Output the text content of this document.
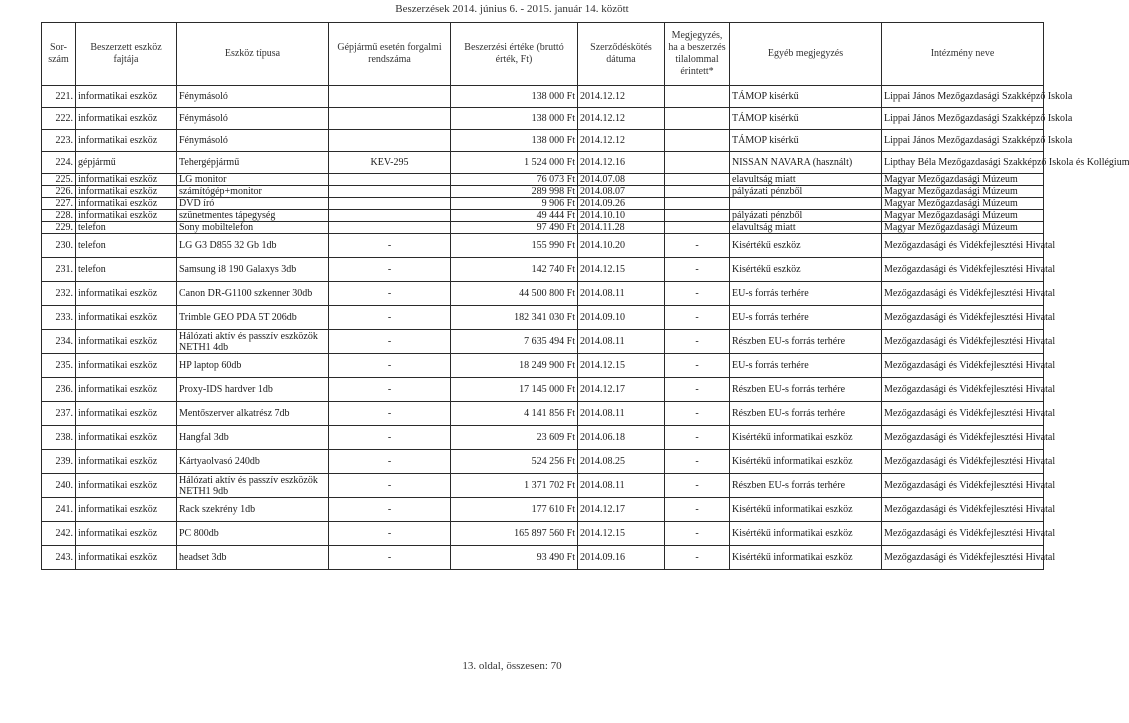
Beszerzések 2014. június 6. - 2015. január 14. között
Sor-szám	Beszerzett eszköz fajtája	Eszköz típusa	Gépjármű esetén forgalmi rendszáma	Beszerzési értéke (bruttó érték, Ft)	Szerződéskötés dátuma	Megjegyzés, ha a beszerzés tilalommal érintett*	Egyéb megjegyzés	Intézmény neve
221.	informatikai eszköz	Fénymásoló		138 000 Ft	2014.12.12		TÁMOP kisérkű	Lippai János Mezőgazdasági Szakképző Iskola
222.	informatikai eszköz	Fénymásoló		138 000 Ft	2014.12.12		TÁMOP kisérkű	Lippai János Mezőgazdasági Szakképző Iskola
223.	informatikai eszköz	Fénymásoló		138 000 Ft	2014.12.12		TÁMOP kisérkű	Lippai János Mezőgazdasági Szakképző Iskola
224.	gépjármű	Tehergépjármű	KEV-295	1 524 000 Ft	2014.12.16		NISSAN NAVARA (használt)	Lipthay Béla Mezőgazdasági Szakképző Iskola és Kollégium
225.	informatikai eszköz	LG monitor		76 073 Ft	2014.07.08		elavultság miatt	Magyar Mezőgazdasági Múzeum
226.	informatikai eszköz	számítógép+monitor		289 998 Ft	2014.08.07		pályázati pénzből	Magyar Mezőgazdasági Múzeum
227.	informatikai eszköz	DVD író		9 906 Ft	2014.09.26			Magyar Mezőgazdasági Múzeum
228.	informatikai eszköz	szünetmentes tápegység		49 444 Ft	2014.10.10		pályázati pénzből	Magyar Mezőgazdasági Múzeum
229.	telefon	Sony mobiltelefon		97 490 Ft	2014.11.28		elavultság miatt	Magyar Mezőgazdasági Múzeum
230.	telefon	LG G3 D855 32 Gb 1db	-	155 990 Ft	2014.10.20	-	Kisértékű eszköz	Mezőgazdasági és Vidékfejlesztési Hivatal
231.	telefon	Samsung i8 190 Galaxys 3db	-	142 740 Ft	2014.12.15	-	Kisértékű eszköz	Mezőgazdasági és Vidékfejlesztési Hivatal
232.	informatikai eszköz	Canon DR-G1100 szkenner 30db	-	44 500 800 Ft	2014.08.11	-	EU-s forrás terhére	Mezőgazdasági és Vidékfejlesztési Hivatal
233.	informatikai eszköz	Trimble GEO PDA 5T 206db	-	182 341 030 Ft	2014.09.10	-	EU-s forrás terhére	Mezőgazdasági és Vidékfejlesztési Hivatal
234.	informatikai eszköz	Hálózati aktív és passzív eszközök NETH1 4db	-	7 635 494 Ft	2014.08.11	-	Részben EU-s forrás terhére	Mezőgazdasági és Vidékfejlesztési Hivatal
235.	informatikai eszköz	HP laptop 60db	-	18 249 900 Ft	2014.12.15	-	EU-s forrás terhére	Mezőgazdasági és Vidékfejlesztési Hivatal
236.	informatikai eszköz	Proxy-IDS hardver 1db	-	17 145 000 Ft	2014.12.17	-	Részben EU-s forrás terhére	Mezőgazdasági és Vidékfejlesztési Hivatal
237.	informatikai eszköz	Mentőszerver alkatrész 7db	-	4 141 856 Ft	2014.08.11	-	Részben EU-s forrás terhére	Mezőgazdasági és Vidékfejlesztési Hivatal
238.	informatikai eszköz	Hangfal 3db	-	23 609 Ft	2014.06.18	-	Kisértékű informatikai eszköz	Mezőgazdasági és Vidékfejlesztési Hivatal
239.	informatikai eszköz	Kártyaolvasó 240db	-	524 256 Ft	2014.08.25	-	Kisértékű informatikai eszköz	Mezőgazdasági és Vidékfejlesztési Hivatal
240.	informatikai eszköz	Hálózati aktív és passzív eszközök NETH1 9db	-	1 371 702 Ft	2014.08.11	-	Részben EU-s forrás terhére	Mezőgazdasági és Vidékfejlesztési Hivatal
241.	informatikai eszköz	Rack szekrény 1db	-	177 610 Ft	2014.12.17	-	Kisértékű informatikai eszköz	Mezőgazdasági és Vidékfejlesztési Hivatal
242.	informatikai eszköz	PC 800db	-	165 897 560 Ft	2014.12.15	-	Kisértékű informatikai eszköz	Mezőgazdasági és Vidékfejlesztési Hivatal
243.	informatikai eszköz	headset 3db	-	93 490 Ft	2014.09.16	-	Kisértékű informatikai eszköz	Mezőgazdasági és Vidékfejlesztési Hivatal
13. oldal, összesen: 70
